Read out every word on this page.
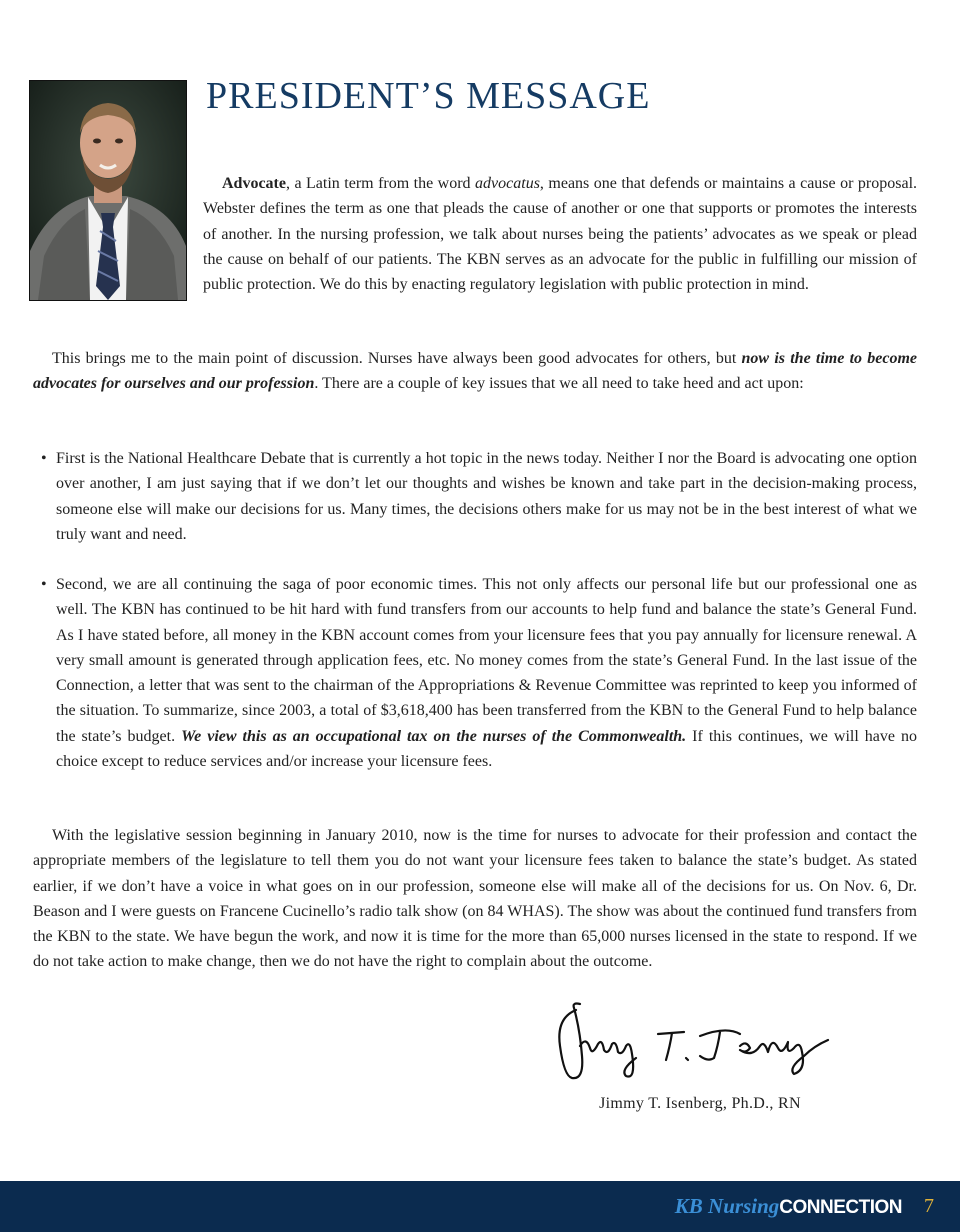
PRESIDENT’S MESSAGE

Advocate, a Latin term from the word advocatus, means one that defends or maintains a cause or proposal. Webster defines the term as one that pleads the cause of another or one that supports or promotes the interests of another. In the nursing profession, we talk about nurses being the patients’ advocates as we speak or plead the cause on behalf of our patients. The KBN serves as an advocate for the public in fulfilling our mission of public protection. We do this by enacting regulatory legislation with public protection in mind.

This brings me to the main point of discussion. Nurses have always been good advocates for others, but now is the time to become advocates for ourselves and our profession. There are a couple of key issues that we all need to take heed and act upon:

• First is the National Healthcare Debate that is currently a hot topic in the news today. Neither I nor the Board is advocating one option over another, I am just saying that if we don’t let our thoughts and wishes be known and take part in the decision-making process, someone else will make our decisions for us. Many times, the decisions others make for us may not be in the best interest of what we truly want and need.
• Second, we are all continuing the saga of poor economic times. This not only affects our personal life but our professional one as well. The KBN has continued to be hit hard with fund transfers from our accounts to help fund and balance the state’s General Fund. As I have stated before, all money in the KBN account comes from your licensure fees that you pay annually for licensure renewal. A very small amount is generated through application fees, etc. No money comes from the state’s General Fund. In the last issue of the Connection, a letter that was sent to the chairman of the Appropriations & Revenue Committee was reprinted to keep you informed of the situation. To summarize, since 2003, a total of $3,618,400 has been transferred from the KBN to the General Fund to help balance the state’s budget. We view this as an occupational tax on the nurses of the Commonwealth. If this continues, we will have no choice except to reduce services and/or increase your licensure fees.

With the legislative session beginning in January 2010, now is the time for nurses to advocate for their profession and contact the appropriate members of the legislature to tell them you do not want your licensure fees taken to balance the state’s budget. As stated earlier, if we don’t have a voice in what goes on in our profession, someone else will make all of the decisions for us. On Nov. 6, Dr. Beason and I were guests on Francene Cucinello’s radio talk show (on 84 WHAS). The show was about the continued fund transfers from the KBN to the state. We have begun the work, and now it is time for the more than 65,000 nurses licensed in the state to respond. If we do not take action to make change, then we do not have the right to complain about the outcome.

Jimmy T. Isenberg, Ph.D., RN
KB NursingCONNECTION 7
